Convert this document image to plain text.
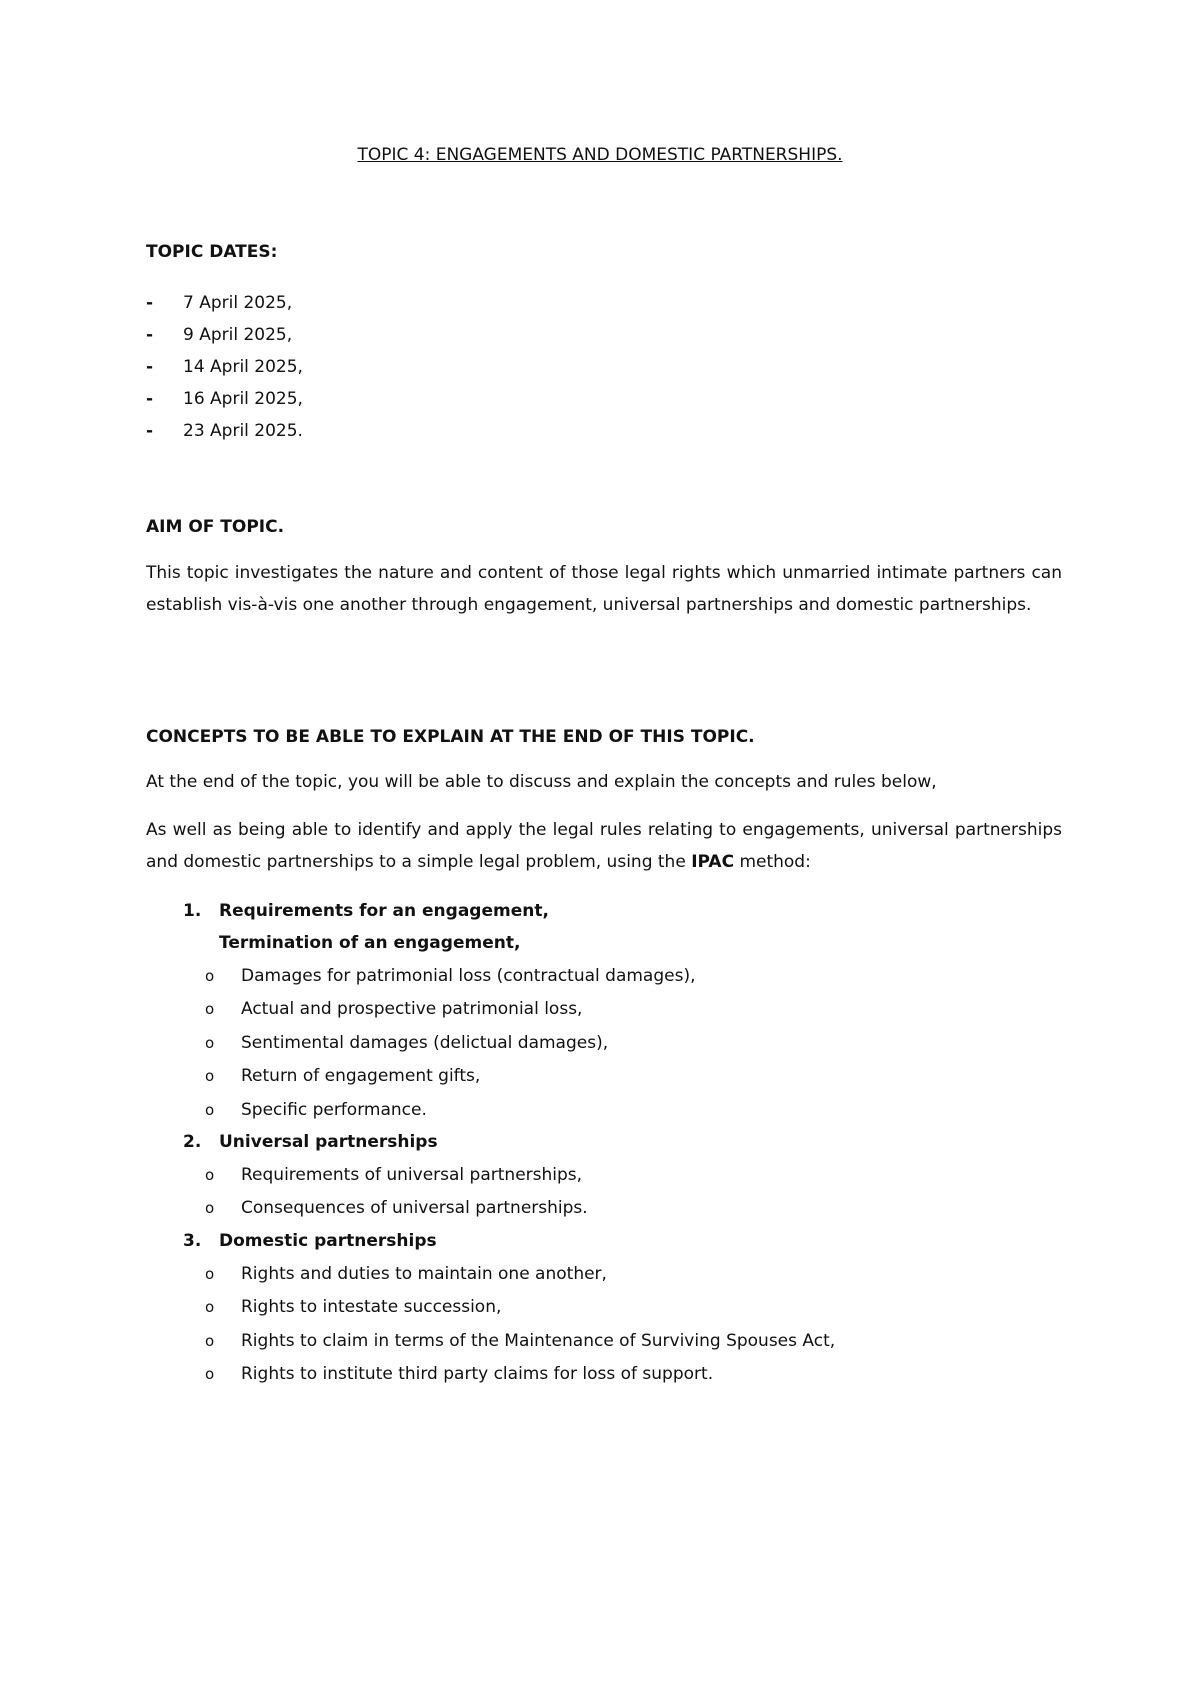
TOPIC 4: ENGAGEMENTS AND DOMESTIC PARTNERSHIPS.
TOPIC DATES:
-	7 April 2025,
-	9 April 2025,
-	14 April 2025,
-	16 April 2025,
-	23 April 2025.
AIM OF TOPIC.

This topic investigates the nature and content of those legal rights which unmarried intimate partners can establish vis-à-vis one another through engagement, universal partnerships and domestic partnerships.

CONCEPTS TO BE ABLE TO EXPLAIN AT THE END OF THIS TOPIC.

At the end of the topic, you will be able to discuss and explain the concepts and rules below,

As well as being able to identify and apply the legal rules relating to engagements, universal partnerships and domestic partnerships to a simple legal problem, using the IPAC method:

1. Requirements for an engagement,
Termination of an engagement,
o	Damages for patrimonial loss (contractual damages),
o	Actual and prospective patrimonial loss,
o	Sentimental damages (delictual damages),
o	Return of engagement gifts,
o	Specific performance.
2. Universal partnerships
o	Requirements of universal partnerships,
o	Consequences of universal partnerships.
3. Domestic partnerships
o	Rights and duties to maintain one another,
o	Rights to intestate succession,
o	Rights to claim in terms of the Maintenance of Surviving Spouses Act,
o	Rights to institute third party claims for loss of support.
